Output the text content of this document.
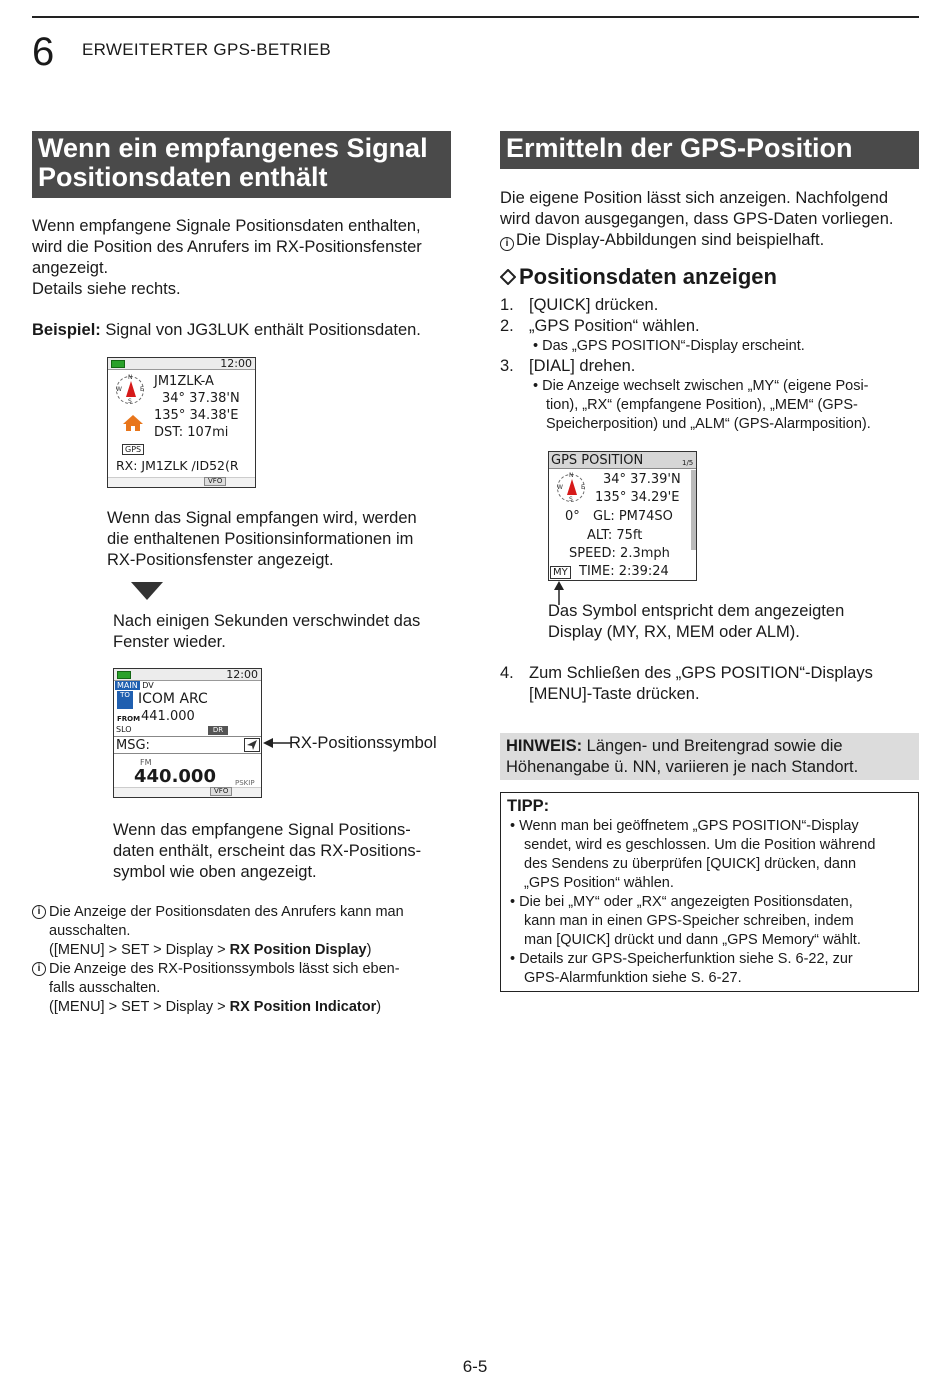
6 ERWEITERTER GPS-BETRIEB
Wenn ein empfangenes Signal
Positionsdaten enthält
Wenn empfangene Signale Positionsdaten enthalten,
wird die Position des Anrufers im RX-Positionsfenster
angezeigt.
Details siehe rechts.
Beispiel: Signal von JG3LUK enthält Positionsdaten.
12:00
N
W	E
S
JM1ZLK-A
34° 37.38'N
135° 34.38'E
DST: 107mi
GPS
RX: JM1ZLK /ID52(R
VFO
Wenn das Signal empfangen wird, werden
die enthaltenen Positionsinformationen im
RX-Positionsfenster angezeigt.
Nach einigen Sekunden verschwindet das
Fenster wieder.
12:00
MAIN DV
TO ICOM ARC
FROM 441.000
SLO	DR
MSG:
FM
440.000	PSKIP
VFO
RX-Positionssymbol
Wenn das empfangene Signal Positions-
daten enthält, erscheint das RX-Positions-
symbol wie oben angezeigt.
i Die Anzeige der Positionsdaten des Anrufers kann man
ausschalten.
([MENU] > SET > Display > RX Position Display)
i Die Anzeige des RX-Positionssymbols lässt sich eben-
falls ausschalten.
([MENU] > SET > Display > RX Position Indicator)
Ermitteln der GPS-Position
Die eigene Position lässt sich anzeigen. Nachfolgend
wird davon ausgegangen, dass GPS-Daten vorliegen.
i Die Display-Abbildungen sind beispielhaft.
Positionsdaten anzeigen
1. [QUICK] drücken.
2. „GPS Position“ wählen.
• Das „GPS POSITION“-Display erscheint.
3. [DIAL] drehen.
• Die Anzeige wechselt zwischen „MY“ (eigene Posi-
tion), „RX“ (empfangene Position), „MEM“ (GPS-
Speicherposition) und „ALM“ (GPS-Alarmposition).
GPS POSITION	1/5
N
W	E
S
34° 37.39'N
135° 34.29'E
0° GL: PM74SO
ALT: 75ft
SPEED: 2.3mph
MY TIME: 2:39:24
Das Symbol entspricht dem angezeigten
Display (MY, RX, MEM oder ALM).
4. Zum Schließen des „GPS POSITION“-Displays
[MENU]-Taste drücken.
HINWEIS: Längen- und Breitengrad sowie die
Höhenangabe ü. NN, variieren je nach Standort.
TIPP:
• Wenn man bei geöffnetem „GPS POSITION“-Display
sendet, wird es geschlossen. Um die Position während
des Sendens zu überprüfen [QUICK] drücken, dann
„GPS Position“ wählen.
• Die bei „MY“ oder „RX“ angezeigten Positionsdaten,
kann man in einen GPS-Speicher schreiben, indem
man [QUICK] drückt und dann „GPS Memory“ wählt.
• Details zur GPS-Speicherfunktion siehe S. 6-22, zur
GPS-Alarmfunktion siehe S. 6-27.
6-5
